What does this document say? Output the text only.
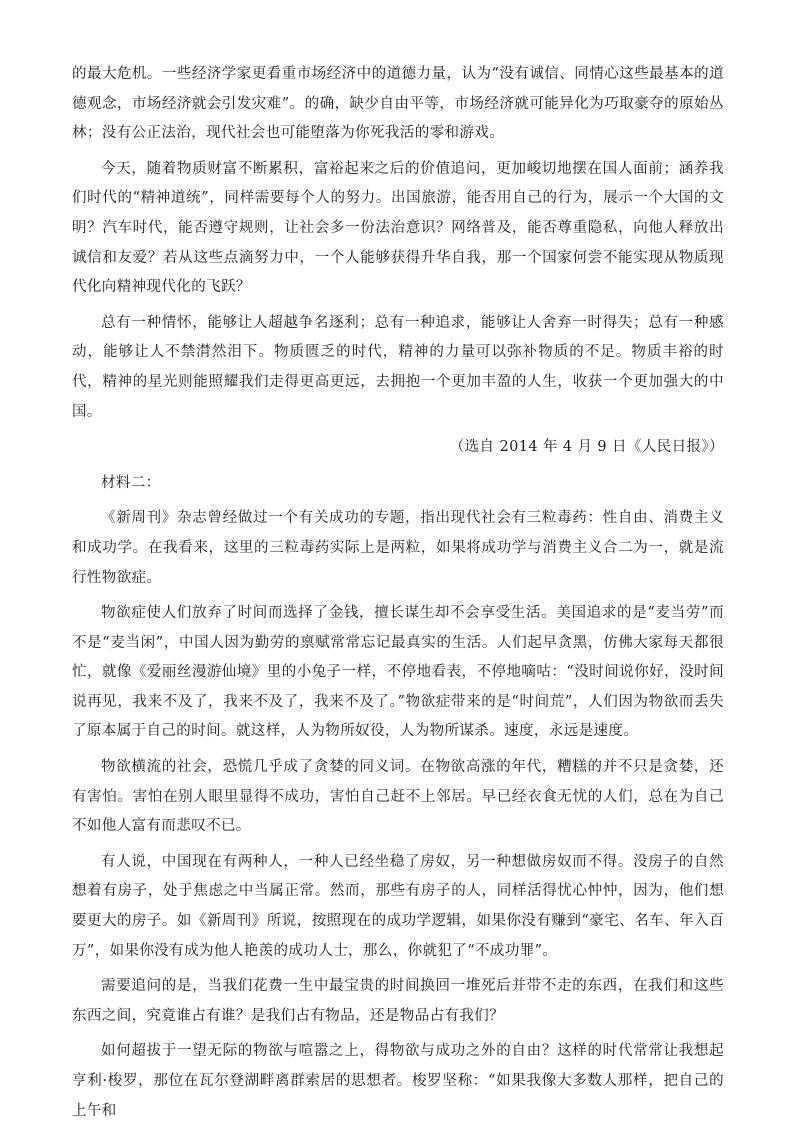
的最大危机。一些经济学家更看重市场经济中的道德力量，认为“没有诚信、同情心这些最基本的道德观念，市场经济就会引发灾难”。的确，缺少自由平等，市场经济就可能异化为巧取豪夺的原始丛林；没有公正法治，现代社会也可能堕落为你死我活的零和游戏。

今天，随着物质财富不断累积，富裕起来之后的价值追问，更加峻切地摆在国人面前；涵养我们时代的“精神道统”，同样需要每个人的努力。出国旅游，能否用自己的行为，展示一个大国的文明？汽车时代，能否遵守规则，让社会多一份法治意识？网络普及，能否尊重隐私，向他人释放出诚信和友爱？若从这些点滴努力中，一个人能够获得升华自我，那一个国家何尝不能实现从物质现代化向精神现代化的飞跃？

总有一种情怀，能够让人超越争名逐利；总有一种追求，能够让人舍弃一时得失；总有一种感动，能够让人不禁潸然泪下。物质匮乏的时代，精神的力量可以弥补物质的不足。物质丰裕的时代，精神的星光则能照耀我们走得更高更远，去拥抱一个更加丰盈的人生，收获一个更加强大的中国。

（选自 2014 年 4 月 9 日《人民日报》）

材料二：

《新周刊》杂志曾经做过一个有关成功的专题，指出现代社会有三粒毒药：性自由、消费主义和成功学。在我看来，这里的三粒毒药实际上是两粒，如果将成功学与消费主义合二为一，就是流行性物欲症。

物欲症使人们放弃了时间而选择了金钱，擅长谋生却不会享受生活。美国追求的是“麦当劳”而不是“麦当闲”，中国人因为勤劳的禀赋常常忘记最真实的生活。人们起早贪黑，仿佛大家每天都很忙，就像《爱丽丝漫游仙境》里的小兔子一样，不停地看表，不停地嘀咕：“没时间说你好，没时间说再见，我来不及了，我来不及了，我来不及了。”物欲症带来的是“时间荒”，人们因为物欲而丢失了原本属于自己的时间。就这样，人为物所奴役，人为物所谋杀。速度，永远是速度。

物欲横流的社会，恐慌几乎成了贪婪的同义词。在物欲高涨的年代，糟糕的并不只是贪婪，还有害怕。害怕在别人眼里显得不成功，害怕自己赶不上邻居。早已经衣食无忧的人们，总在为自己不如他人富有而悲叹不已。

有人说，中国现在有两种人，一种人已经坐稳了房奴，另一种想做房奴而不得。没房子的自然想着有房子，处于焦虑之中当属正常。然而，那些有房子的人，同样活得忧心忡忡，因为，他们想要更大的房子。如《新周刊》所说，按照现在的成功学逻辑，如果你没有赚到“豪宅、名车、年入百万”，如果你没有成为他人艳羡的成功人士，那么，你就犯了“不成功罪”。

需要追问的是，当我们花费一生中最宝贵的时间换回一堆死后并带不走的东西，在我们和这些东西之间，究竟谁占有谁？是我们占有物品，还是物品占有我们？

如何超拔于一望无际的物欲与喧嚣之上，得物欲与成功之外的自由？这样的时代常常让我想起亨利·梭罗，那位在瓦尔登湖畔离群索居的思想者。梭罗坚称：“如果我像大多数人那样，把自己的上午和
